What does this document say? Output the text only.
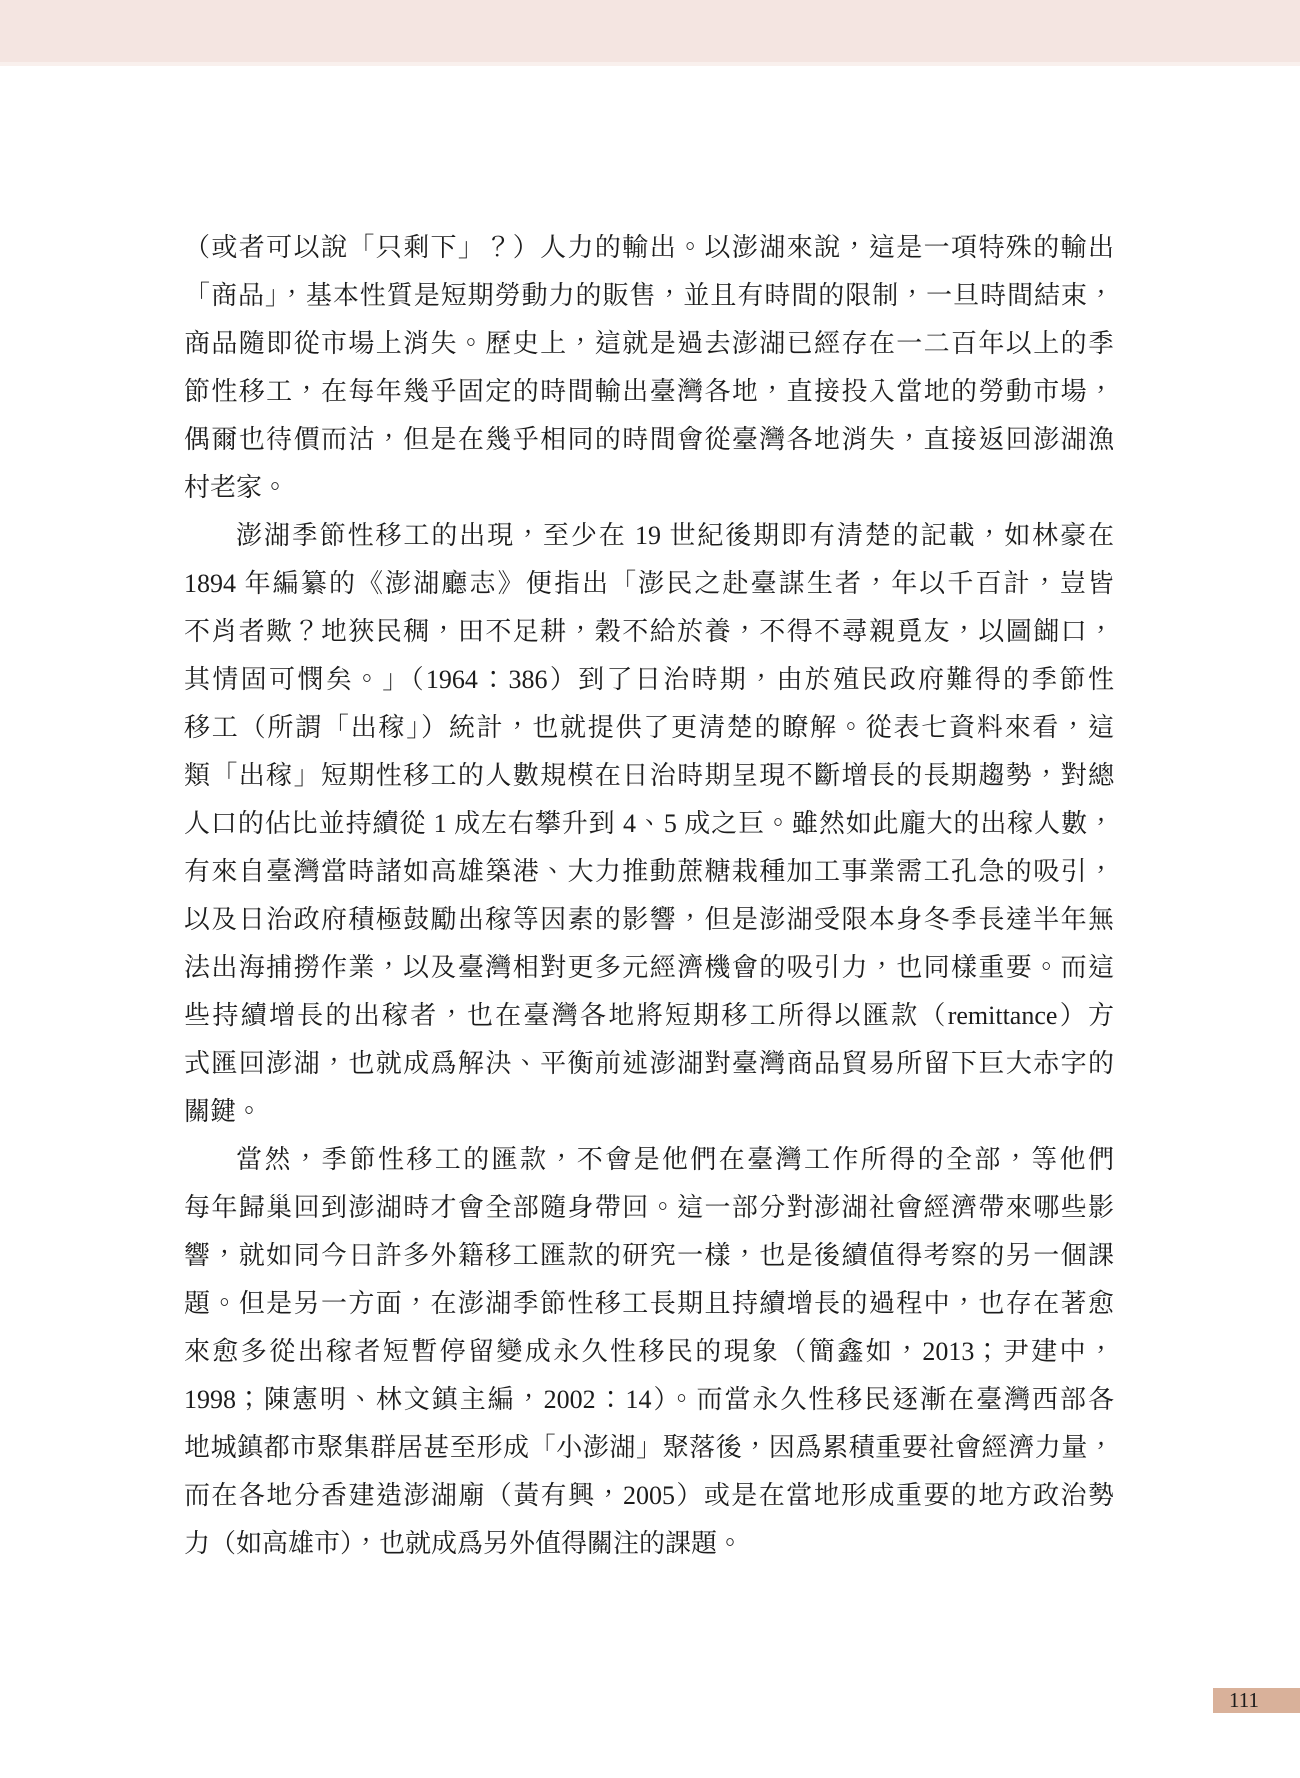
（或者可以說「只剩下」？）人力的輸出。以澎湖來說，這是一項特殊的輸出
「商品」，基本性質是短期勞動力的販售，並且有時間的限制，一旦時間結束，
商品隨即從市場上消失。歷史上，這就是過去澎湖已經存在一二百年以上的季
節性移工，在每年幾乎固定的時間輸出臺灣各地，直接投入當地的勞動市場，
偶爾也待價而沽，但是在幾乎相同的時間會從臺灣各地消失，直接返回澎湖漁
村老家。
澎湖季節性移工的出現，至少在 19 世紀後期即有清楚的記載，如林豪在
1894 年編纂的《澎湖廳志》便指出「澎民之赴臺謀生者，年以千百計，豈皆
不肖者歟？地狹民稠，田不足耕，穀不給於養，不得不尋親覓友，以圖餬口，
其情固可憫矣。」（1964：386）到了日治時期，由於殖民政府難得的季節性
移工（所謂「出稼」）統計，也就提供了更清楚的瞭解。從表七資料來看，這
類「出稼」短期性移工的人數規模在日治時期呈現不斷增長的長期趨勢，對總
人口的佔比並持續從 1 成左右攀升到 4、5 成之巨。雖然如此龐大的出稼人數，
有來自臺灣當時諸如高雄築港、大力推動蔗糖栽種加工事業需工孔急的吸引，
以及日治政府積極鼓勵出稼等因素的影響，但是澎湖受限本身冬季長達半年無
法出海捕撈作業，以及臺灣相對更多元經濟機會的吸引力，也同樣重要。而這
些持續增長的出稼者，也在臺灣各地將短期移工所得以匯款（remittance）方
式匯回澎湖，也就成爲解決、平衡前述澎湖對臺灣商品貿易所留下巨大赤字的
關鍵。
當然，季節性移工的匯款，不會是他們在臺灣工作所得的全部，等他們
每年歸巢回到澎湖時才會全部隨身帶回。這一部分對澎湖社會經濟帶來哪些影
響，就如同今日許多外籍移工匯款的研究一樣，也是後續值得考察的另一個課
題。但是另一方面，在澎湖季節性移工長期且持續增長的過程中，也存在著愈
來愈多從出稼者短暫停留變成永久性移民的現象（簡鑫如，2013；尹建中，
1998；陳憲明、林文鎮主編，2002：14）。而當永久性移民逐漸在臺灣西部各
地城鎮都市聚集群居甚至形成「小澎湖」聚落後，因爲累積重要社會經濟力量，
而在各地分香建造澎湖廟（黃有興，2005）或是在當地形成重要的地方政治勢
力（如高雄市），也就成爲另外值得關注的課題。
111
